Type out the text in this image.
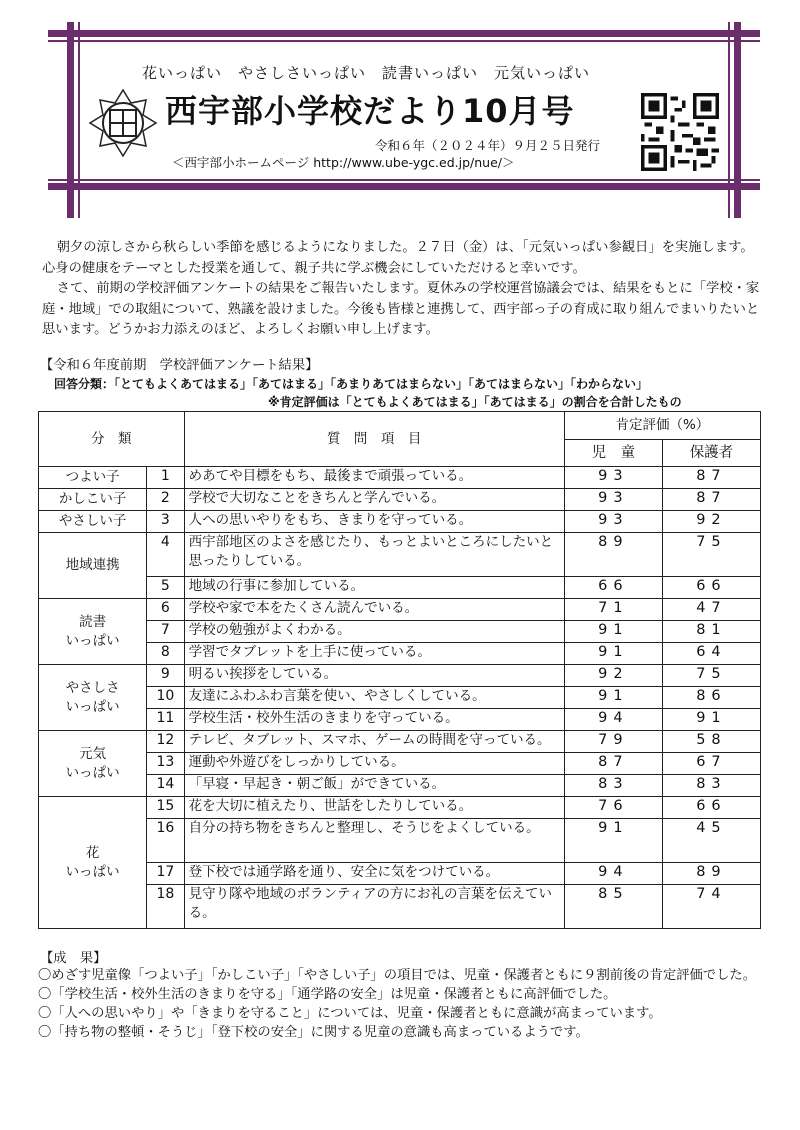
花いっぱい　やさしさいっぱい　読書いっぱい　元気いっぱい
西宇部小学校だより10月号
令和６年（２０２４年）９月２５日発行
＜西宇部小ホームページ http://www.ube-ygc.ed.jp/nue/＞

朝夕の涼しさから秋らしい季節を感じるようになりました。２７日（金）は、「元気いっぱい参観日」を実施します。心身の健康をテーマとした授業を通して、親子共に学ぶ機会にしていただけると幸いです。

さて、前期の学校評価アンケートの結果をご報告いたします。夏休みの学校運営協議会では、結果をもとに「学校・家庭・地域」での取組について、熟議を設けました。今後も皆様と連携して、西宇部っ子の育成に取り組んでまいりたいと思います。どうかお力添えのほど、よろしくお願い申し上げます。

【令和６年度前期　学校評価アンケート結果】
回答分類：「とてもよくあてはまる」「あてはまる」「あまりあてはまらない」「あてはまらない」「わからない」
※肯定評価は「とてもよくあてはまる」「あてはまる」の割合を合計したもの
分　類		質　問　項　目	肯定評価（%）	
			児　童	保護者
つよい子	1	めあてや目標をもち、最後まで頑張っている。	93	87
かしこい子	2	学校で大切なことをきちんと学んでいる。	93	87
やさしい子	3	人への思いやりをもち、きまりを守っている。	93	92
地域連携	4	西宇部地区のよさを感じたり、もっとよいところにしたいと思ったりしている。	89	75
	5	地域の行事に参加している。	66	66
読書
いっぱい	6	学校や家で本をたくさん読んでいる。	71	47
	7	学校の勉強がよくわかる。	91	81
	8	学習でタブレットを上手に使っている。	91	64
やさしさ
いっぱい	9	明るい挨拶をしている。	92	75
	10	友達にふわふわ言葉を使い、やさしくしている。	91	86
	11	学校生活・校外生活のきまりを守っている。	94	91
元気
いっぱい	12	テレビ、タブレット、スマホ、ゲームの時間を守っている。	79	58
	13	運動や外遊びをしっかりしている。	87	67
	14	「早寝・早起き・朝ご飯」ができている。	83	83
花
いっぱい	15	花を大切に植えたり、世話をしたりしている。	76	66
	16	自分の持ち物をきちんと整理し、そうじをよくしている。	91	45
	17	登下校では通学路を通り、安全に気をつけている。	94	89
	18	見守り隊や地域のボランティアの方にお礼の言葉を伝えている。	85	74
【成　果】
〇めざす児童像「つよい子」「かしこい子」「やさしい子」の項目では、児童・保護者ともに９割前後の肯定評価でした。
〇「学校生活・校外生活のきまりを守る」「通学路の安全」は児童・保護者ともに高評価でした。
〇「人への思いやり」や「きまりを守ること」については、児童・保護者ともに意識が高まっています。
〇「持ち物の整頓・そうじ」「登下校の安全」に関する児童の意識も高まっているようです。
